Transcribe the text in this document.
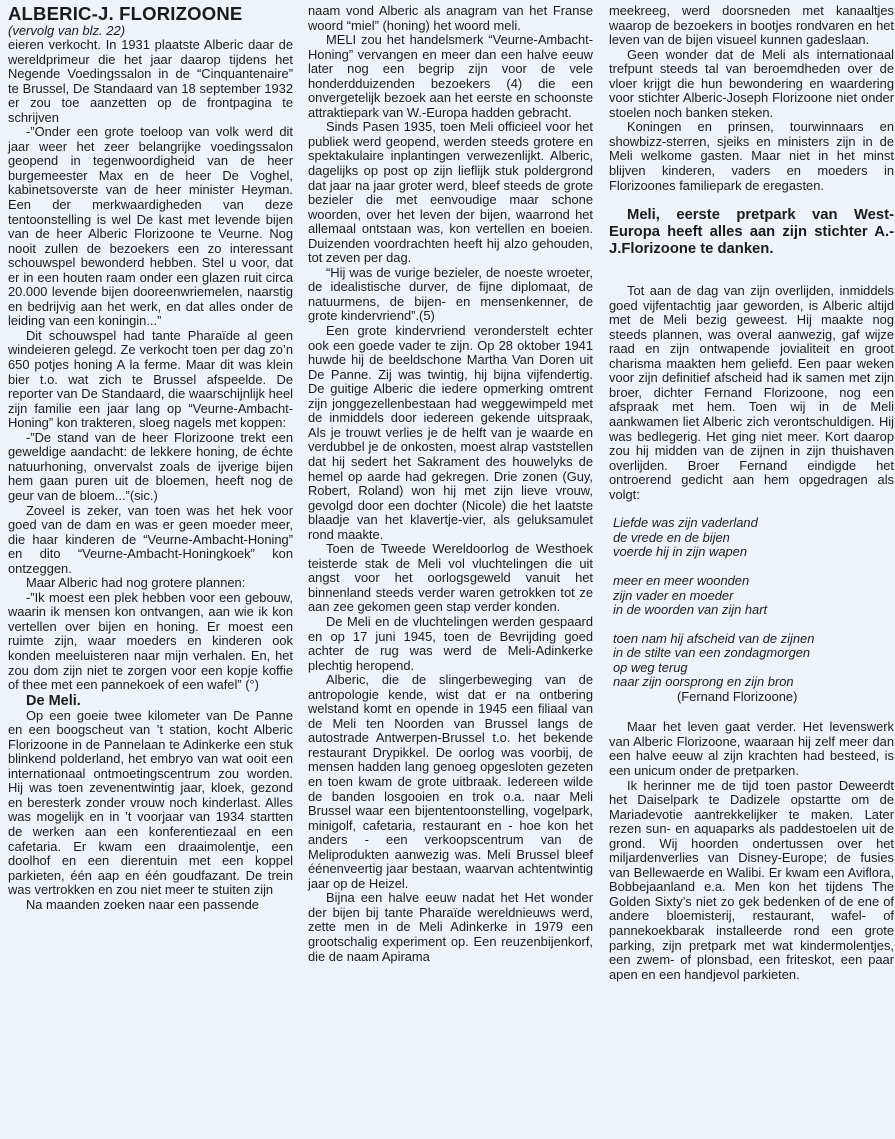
ALBERIC-J. FLORIZOONE

(vervolg van blz. 22)

eieren verkocht. In 1931 plaatste Alberic daar de wereldprimeur die het jaar daarop tijdens het Negende Voedingssalon in de “Cinquantenaire” te Brussel, De Standaard van 18 september 1932 er zou toe aanzetten op de frontpagina te schrijven

-”Onder een grote toeloop van volk werd dit jaar weer het zeer belangrijke voedingssalon geopend in tegenwoordigheid van de heer burgemeester Max en de heer De Voghel, kabinetsoverste van de heer minister Heyman. Een der merkwaardigheden van deze tentoonstelling is wel De kast met levende bijen van de heer Alberic Florizoone te Veurne. Nog nooit zullen de bezoekers een zo interessant schouwspel bewonderd hebben. Stel u voor, dat er in een houten raam onder een glazen ruit circa 20.000 levende bijen dooreenwriemelen, naarstig en bedrijvig aan het werk, en dat alles onder de leiding van een koningin...”

Dit schouwspel had tante Pharaïde al geen windeieren gelegd. Ze verkocht toen per dag zo’n 650 potjes honing A la ferme. Maar dit was klein bier t.o. wat zich te Brussel afspeelde. De reporter van De Standaard, die waarschijnlijk heel zijn familie een jaar lang op “Veurne-Ambacht-Honing” kon trakteren, sloeg nagels met koppen:

-”De stand van de heer Florizoone trekt een geweldige aandacht: de lekkere honing, de échte natuurhoning, onvervalst zoals de ijverige bijen hem gaan puren uit de bloemen, heeft nog de geur van de bloem...”(sic.)

Zoveel is zeker, van toen was het hek voor goed van de dam en was er geen moeder meer, die haar kinderen de “Veurne-Ambacht-Honing” en dito “Veurne-Ambacht-Honingkoek” kon ontzeggen.

Maar Alberic had nog grotere plannen:

-”Ik moest een plek hebben voor een gebouw, waarin ik mensen kon ontvangen, aan wie ik kon vertellen over bijen en honing. Er moest een ruimte zijn, waar moeders en kinderen ook konden meeluisteren naar mijn verhalen. En, het zou dom zijn niet te zorgen voor een kopje koffie of thee met een pannekoek of een wafel” (°)

De Meli.

Op een goeie twee kilometer van De Panne en een boogscheut van ’t station, kocht Alberic Florizoone in de Pannelaan te Adinkerke een stuk blinkend polderland, het embryo van wat ooit een internationaal ontmoetingscentrum zou worden. Hij was toen zevenentwintig jaar, kloek, gezond en beresterk zonder vrouw noch kinderlast. Alles was mogelijk en in ’t voorjaar van 1934 startten de werken aan een konferentiezaal en een cafetaria. Er kwam een draaimolentje, een doolhof en een dierentuin met een koppel parkieten, één aap en één goudfazant. De trein was vertrokken en zou niet meer te stuiten zijn

Na maanden zoeken naar een passende

naam vond Alberic als anagram van het Franse woord “miel” (honing) het woord meli.

MELI zou het handelsmerk “Veurne-Ambacht-Honing” vervangen en meer dan een halve eeuw later nog een begrip zijn voor de vele honderdduizenden bezoekers (4) die een onvergetelijk bezoek aan het eerste en schoonste attraktiepark van W.-Europa hadden gebracht.

Sinds Pasen 1935, toen Meli officieel voor het publiek werd geopend, werden steeds grotere en spektakulaire inplantingen verwezenlijkt. Alberic, dagelijks op post op zijn lieflijk stuk poldergrond dat jaar na jaar groter werd, bleef steeds de grote bezieler die met eenvoudige maar schone woorden, over het leven der bijen, waarrond het allemaal ontstaan was, kon vertellen en boeien. Duizenden voordrachten heeft hij alzo gehouden, tot zeven per dag.

“Hij was de vurige bezieler, de noeste wroeter, de idealistische durver, de fijne diplomaat, de natuurmens, de bijen- en mensenkenner, de grote kindervriend”.(5)

Een grote kindervriend veronderstelt echter ook een goede vader te zijn. Op 28 oktober 1941 huwde hij de beeldschone Martha Van Doren uit De Panne. Zij was twintig, hij bijna vijfendertig. De guitige Alberic die iedere opmerking omtrent zijn jonggezellenbestaan had weggewimpeld met de inmiddels door iedereen gekende uitspraak, Als je trouwt verlies je de helft van je waarde en verdubbel je de onkosten, moest alrap vaststellen dat hij sedert het Sakrament des houwelyks de hemel op aarde had gekregen. Drie zonen (Guy, Robert, Roland) won hij met zijn lieve vrouw, gevolgd door een dochter (Nicole) die het laatste blaadje van het klavertje-vier, als geluksamulet rond maakte.

Toen de Tweede Wereldoorlog de Westhoek teisterde stak de Meli vol vluchtelingen die uit angst voor het oorlogsgeweld vanuit het binnenland steeds verder waren getrokken tot ze aan zee gekomen geen stap verder konden.

De Meli en de vluchtelingen werden gespaard en op 17 juni 1945, toen de Bevrijding goed achter de rug was werd de Meli-Adinkerke plechtig heropend.

Alberic, die de slingerbeweging van de antropologie kende, wist dat er na ontbering welstand komt en opende in 1945 een filiaal van de Meli ten Noorden van Brussel langs de autostrade Antwerpen-Brussel t.o. het bekende restaurant Drypikkel. De oorlog was voorbij, de mensen hadden lang genoeg opgesloten gezeten en toen kwam de grote uitbraak. Iedereen wilde de banden losgooien en trok o.a. naar Meli Brussel waar een bijententoonstelling, vogelpark, minigolf, cafetaria, restaurant en - hoe kon het anders - een verkoopscentrum van de Meliprodukten aanwezig was. Meli Brussel bleef éénenveertig jaar bestaan, waarvan achtentwintig jaar op de Heizel.

Bijna een halve eeuw nadat het Het wonder der bijen bij tante Pharaïde wereldnieuws werd, zette men in de Meli Adinkerke in 1979 een grootschalig experiment op. Een reuzenbijenkorf, die de naam Apirama

meekreeg, werd doorsneden met kanaaltjes waarop de bezoekers in bootjes rondvaren en het leven van de bijen visueel kunnen gadeslaan.

Geen wonder dat de Meli als internationaal trefpunt steeds tal van beroemdheden over de vloer krijgt die hun bewondering en waardering voor stichter Alberic-Joseph Florizoone niet onder stoelen noch banken steken.

Koningen en prinsen, tourwinnaars en showbizz-sterren, sjeiks en ministers zijn in de Meli welkome gasten. Maar niet in het minst blijven kinderen, vaders en moeders in Florizoones familiepark de eregasten.

Meli, eerste pretpark van West-Europa heeft alles aan zijn stichter A.-J.Florizoone te danken.

Tot aan de dag van zijn overlijden, inmiddels goed vijfentachtig jaar geworden, is Alberic altijd met de Meli bezig geweest. Hij maakte nog steeds plannen, was overal aanwezig, gaf wijze raad en zijn ontwapende jovialiteit en groot charisma maakten hem geliefd. Een paar weken voor zijn definitief afscheid had ik samen met zijn broer, dichter Fernand Florizoone, nog een afspraak met hem. Toen wij in de Meli aankwamen liet Alberic zich verontschuldigen. Hij was bedlegerig. Het ging niet meer. Kort daarop zou hij midden van de zijnen in zijn thuishaven overlijden. Broer Fernand eindigde het ontroerend gedicht aan hem opgedragen als volgt:

Liefde was zijn vaderland
de vrede en de bijen
voerde hij in zijn wapen
meer en meer woonden
zijn vader en moeder
in de woorden van zijn hart
toen nam hij afscheid van de zijnen
in de stilte van een zondagmorgen
op weg terug
naar zijn oorsprong en zijn bron
(Fernand Florizoone)

Maar het leven gaat verder. Het levenswerk van Alberic Florizoone, waaraan hij zelf meer dan een halve eeuw al zijn krachten had besteed, is een unicum onder de pretparken.

Ik herinner me de tijd toen pastor Deweerdt het Daiselpark te Dadizele opstartte om de Mariadevotie aantrekkelijker te maken. Later rezen sun- en aquaparks als paddestoelen uit de grond. Wij hoorden ondertussen over het miljardenverlies van Disney-Europe; de fusies van Bellewaerde en Walibi. Er kwam een Aviflora, Bobbejaanland e.a. Men kon het tijdens The Golden Sixty’s niet zo gek bedenken of de ene of andere bloemisterij, restaurant, wafel- of pannekoekbarak installeerde rond een grote parking, zijn pretpark met wat kindermolentjes, een zwem- of plonsbad, een friteskot, een paar apen en een handjevol parkieten.
